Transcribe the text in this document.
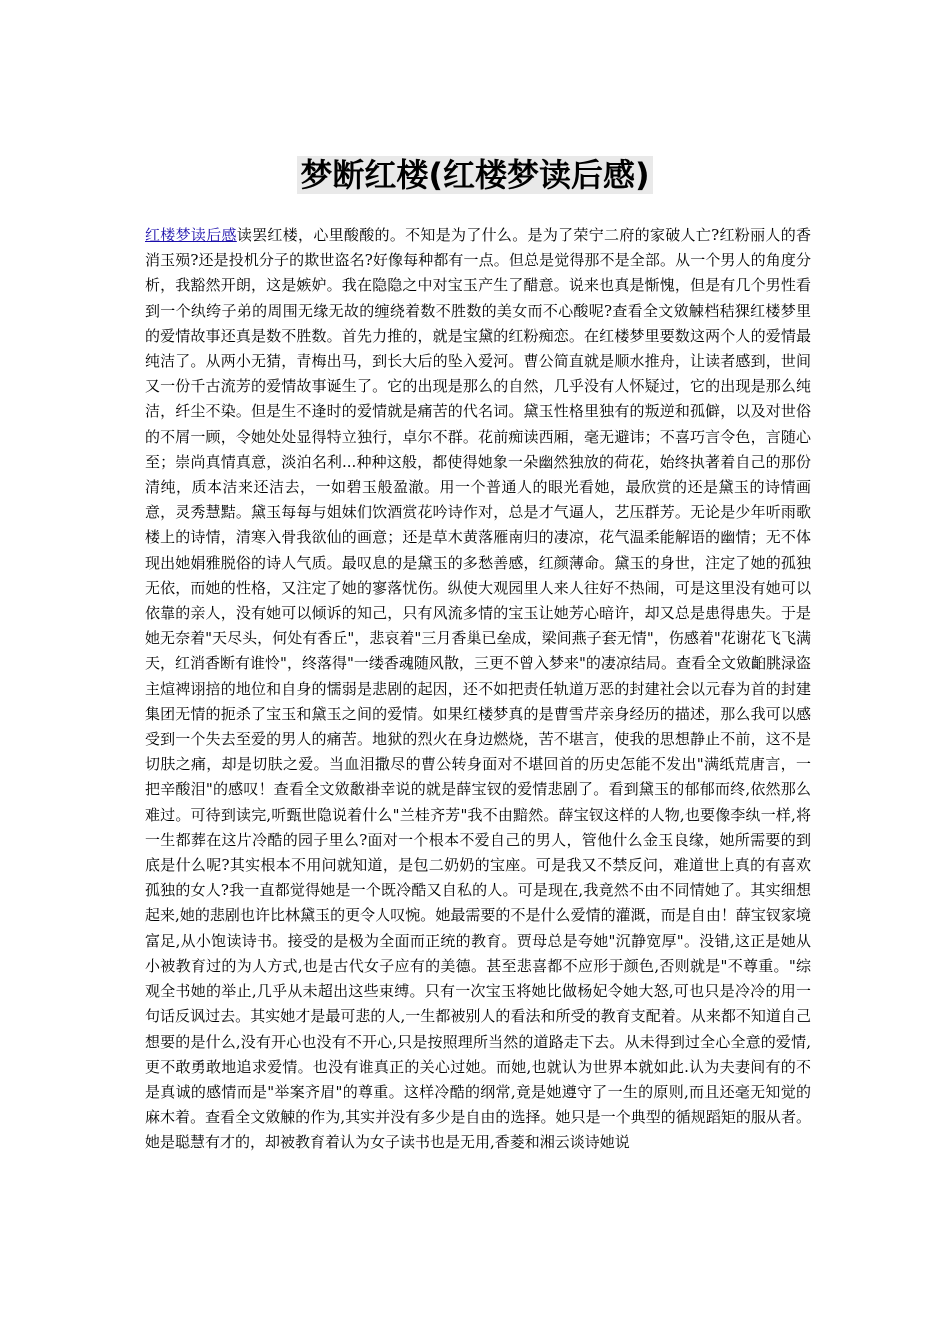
梦断红楼(红楼梦读后感)

红楼梦读后感读罢红楼，心里酸酸的。不知是为了什么。是为了荣宁二府的家破人亡?红粉丽人的香消玉殒?还是投机分子的欺世盗名?好像每种都有一点。但总是觉得那不是全部。从一个男人的角度分析，我豁然开朗，这是嫉妒。我在隐隐之中对宝玉产生了醋意。说来也真是惭愧，但是有几个男性看到一个纨绔子弟的周围无缘无故的缠绕着数不胜数的美女而不心酸呢?查看全文敓觫档秸猓红楼梦里的爱情故事还真是数不胜数。首先力推的，就是宝黛的红粉痴恋。在红楼梦里要数这两个人的爱情最纯洁了。从两小无猜，青梅出马，到长大后的坠入爱河。曹公简直就是顺水推舟，让读者感到，世间又一份千古流芳的爱情故事诞生了。它的出现是那么的自然，几乎没有人怀疑过，它的出现是那么纯洁，纤尘不染。但是生不逢时的爱情就是痛苦的代名词。黛玉性格里独有的叛逆和孤僻，以及对世俗的不屑一顾，令她处处显得特立独行，卓尔不群。花前痴读西厢，毫无避讳；不喜巧言令色，言随心至；崇尚真情真意，淡泊名利...种种这般，都使得她象一朵幽然独放的荷花，始终执著着自己的那份清纯，质本洁来还洁去，一如碧玉般盈澈。用一个普通人的眼光看她，最欣赏的还是黛玉的诗情画意，灵秀慧黠。黛玉每每与姐妹们饮酒赏花吟诗作对，总是才气逼人，艺压群芳。无论是少年听雨歌楼上的诗情，清寒入骨我欲仙的画意；还是草木黄落雁南归的凄凉，花气温柔能解语的幽情；无不体现出她娟雅脱俗的诗人气质。最叹息的是黛玉的多愁善感，红颜薄命。黛玉的身世，注定了她的孤独无依，而她的性格，又注定了她的寥落忧伤。纵使大观园里人来人往好不热闹，可是这里没有她可以依靠的亲人，没有她可以倾诉的知己，只有风流多情的宝玉让她芳心暗许，却又总是患得患失。于是她无奈着"天尽头，何处有香丘"，悲哀着"三月香巢已垒成，梁间燕子套无情"，伤感着"花谢花飞飞满天，红消香断有谁怜"，终落得"一缕香魂随风散，三更不曾入梦来"的凄凉结局。查看全文敓齨朓渌盗主煊裨诩掊的地位和自身的懦弱是悲剧的起因，还不如把责任轨道万恶的封建社会以元春为首的封建集团无情的扼杀了宝玉和黛玉之间的爱情。如果红楼梦真的是曹雪芹亲身经历的描述，那么我可以感受到一个失去至爱的男人的痛苦。地狱的烈火在身边燃烧，苦不堪言，使我的思想静止不前，这不是切肤之痛，却是切肤之爱。当血泪撒尽的曹公转身面对不堪回首的历史怎能不发出"满纸荒唐言，一把辛酸泪"的感叹！查看全文敓敿褂幸说的就是薛宝钗的爱情悲剧了。看到黛玉的郁郁而终,依然那么难过。可待到读完,听甄世隐说着什么"兰桂齐芳"我不由黯然。薛宝钗这样的人物,也要像李纨一样,将一生都葬在这片冷酷的园子里么?面对一个根本不爱自己的男人，管他什么金玉良缘，她所需要的到底是什么呢?其实根本不用问就知道，是包二奶奶的宝座。可是我又不禁反问，难道世上真的有喜欢孤独的女人?我一直都觉得她是一个既冷酷又自私的人。可是现在,我竟然不由不同情她了。其实细想起来,她的悲剧也许比林黛玉的更令人叹惋。她最需要的不是什么爱情的灌溉，而是自由！薛宝钗家境富足,从小饱读诗书。接受的是极为全面而正统的教育。贾母总是夸她"沉静宽厚"。没错,这正是她从小被教育过的为人方式,也是古代女子应有的美德。甚至悲喜都不应形于颜色,否则就是"不尊重。"综观全书她的举止,几乎从未超出这些束缚。只有一次宝玉将她比做杨妃令她大怒,可也只是冷冷的用一句话反讽过去。其实她才是最可悲的人,一生都被别人的看法和所受的教育支配着。从来都不知道自己想要的是什么,没有开心也没有不开心,只是按照理所当然的道路走下去。从未得到过全心全意的爱情,更不敢勇敢地追求爱情。也没有谁真正的关心过她。而她,也就认为世界本就如此.认为夫妻间有的不是真诚的感情而是"举案齐眉"的尊重。这样冷酷的纲常,竟是她遵守了一生的原则,而且还毫无知觉的麻木着。查看全文敓觫的作为,其实并没有多少是自由的选择。她只是一个典型的循规蹈矩的服从者。她是聪慧有才的，却被教育着认为女子读书也是无用,香菱和湘云谈诗她说
